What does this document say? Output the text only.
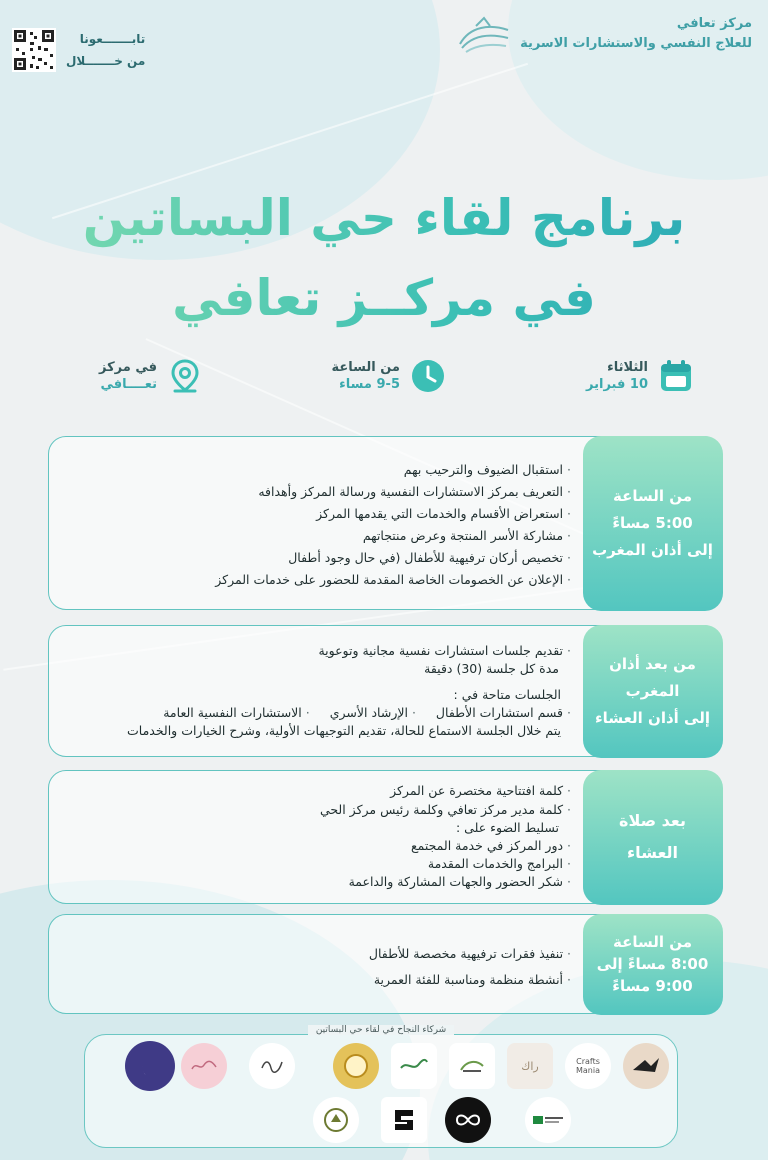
مركز تعافي
للعلاج النفسي والاستشارات الاسرية
تابـــــــعونا
من خـــــــلال
برنامج لقاء حي البساتين
في مركــز تعافي
الثلاثاء
10 فبراير
من الساعة
9-5 مساء
في مركز
تعــــافي
من الساعة
5:00 مساءً
إلى أذان المغرب
· استقبال الضيوف والترحيب بهم
· التعريف بمركز الاستشارات النفسية ورسالة المركز وأهدافه
· استعراض الأقسام والخدمات التي يقدمها المركز
· مشاركة الأسر المنتجة وعرض منتجاتهم
· تخصيص أركان ترفيهية للأطفال (في حال وجود أطفال
· الإعلان عن الخصومات الخاصة المقدمة للحضور على خدمات المركز
من بعد أذان
المغرب
إلى أذان العشاء
· تقديم جلسات استشارات نفسية مجانية وتوعوية
مدة كل جلسة (30) دقيقة
الجلسات متاحة في :
· قسم استشارات الأطفال
· الإرشاد الأسري
· الاستشارات النفسية العامة
يتم خلال الجلسة الاستماع للحالة، تقديم التوجيهات الأولية، وشرح الخيارات والخدمات
بعد صلاة
العشاء
· كلمة افتتاحية مختصرة عن المركز
· كلمة مدير مركز تعافي وكلمة رئيس مركز الحي
تسليط الضوء على :
· دور المركز في خدمة المجتمع
· البرامج والخدمات المقدمة
· شكر الحضور والجهات المشاركة والداعمة
من الساعة
8:00 مساءً إلى
9:00 مساءً
· تنفيذ فقرات ترفيهية مخصصة للأطفال
· أنشطة منظمة ومناسبة للفئة العمرية
شركاء النجاح في لقاء حي البساتين
Crafts Mania
راك
